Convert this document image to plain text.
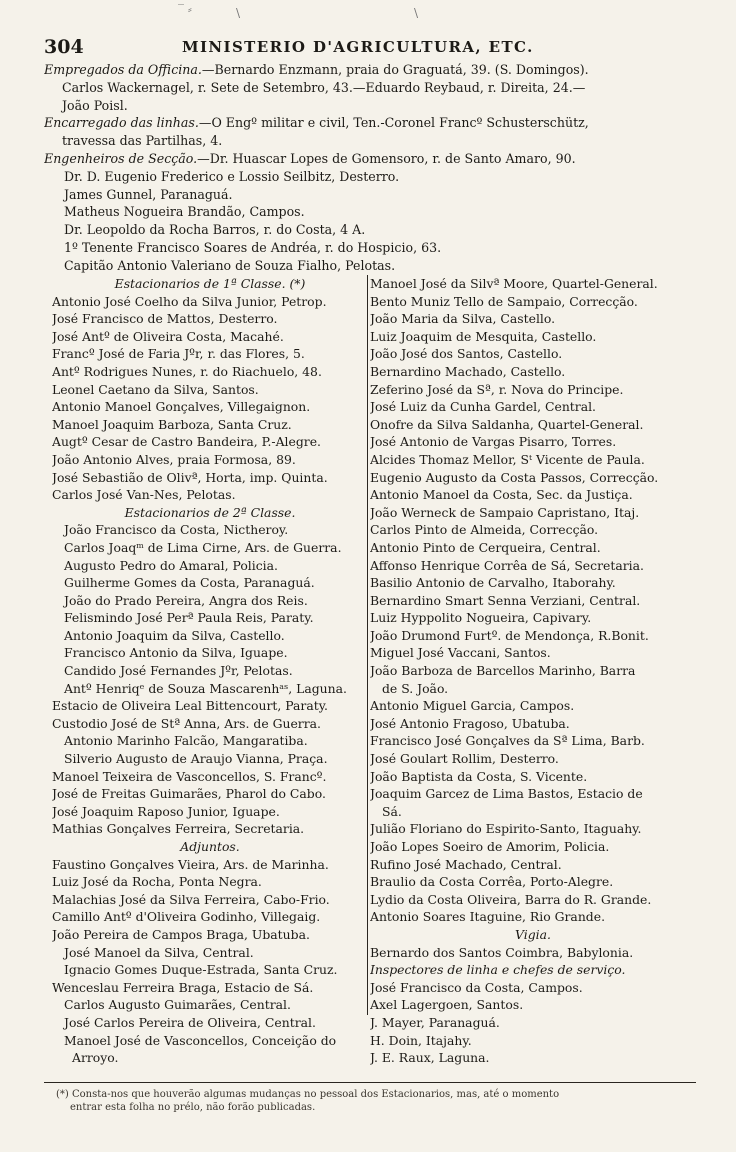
‾ ⸗	\	\
304	MINISTERIO D'AGRICULTURA, ETC.
Empregados da Officina.—Bernardo Enzmann, praia do Graguatá, 39. (S. Domingos).
Carlos Wackernagel, r. Sete de Setembro, 43.—Eduardo Reybaud, r. Direita, 24.—
João Poisl.
Encarregado das linhas.—O Engº militar e civil, Ten.-Coronel Francº Schusterschütz,
travessa das Partilhas, 4.
Engenheiros de Secção.—Dr. Huascar Lopes de Gomensoro, r. de Santo Amaro, 90.
Dr. D. Eugenio Frederico e Lossio Seilbitz, Desterro.
James Gunnel, Paranaguá.
Matheus Nogueira Brandão, Campos.
Dr. Leopoldo da Rocha Barros, r. do Costa, 4 A.
1º Tenente Francisco Soares de Andréa, r. do Hospicio, 63.
Capitão Antonio Valeriano de Souza Fialho, Pelotas.
Estacionarios de 1ª Classe. (*)
Antonio José Coelho da Silva Junior, Petrop.
José Francisco de Mattos, Desterro.
José Antº de Oliveira Costa, Macahé.
Francº José de Faria Jºr, r. das Flores, 5.
Antº Rodrigues Nunes, r. do Riachuelo, 48.
Leonel Caetano da Silva, Santos.
Antonio Manoel Gonçalves, Villegaignon.
Manoel Joaquim Barboza, Santa Cruz.
Augtº Cesar de Castro Bandeira, P.-Alegre.
João Antonio Alves, praia Formosa, 89.
José Sebastião de Olivª, Horta, imp. Quinta.
Carlos José Van-Nes, Pelotas.
Estacionarios de 2ª Classe.
João Francisco da Costa, Nictheroy.
Carlos Joaqᵐ de Lima Cirne, Ars. de Guerra.
Augusto Pedro do Amaral, Policia.
Guilherme Gomes da Costa, Paranaguá.
João do Prado Pereira, Angra dos Reis.
Felismindo José Perª Paula Reis, Paraty.
Antonio Joaquim da Silva, Castello.
Francisco Antonio da Silva, Iguape.
Candido José Fernandes Jºr, Pelotas.
Antº Henriqᵉ de Souza Mascarenhᵃˢ, Laguna.
Estacio de Oliveira Leal Bittencourt, Paraty.
Custodio José de Stª Anna, Ars. de Guerra.
Antonio Marinho Falcão, Mangaratiba.
Silverio Augusto de Araujo Vianna, Praça.
Manoel Teixeira de Vasconcellos, S. Francº.
José de Freitas Guimarães, Pharol do Cabo.
José Joaquim Raposo Junior, Iguape.
Mathias Gonçalves Ferreira, Secretaria.
Adjuntos.
Faustino Gonçalves Vieira, Ars. de Marinha.
Luiz José da Rocha, Ponta Negra.
Malachias José da Silva Ferreira, Cabo-Frio.
Camillo Antº d'Oliveira Godinho, Villegaig.
João Pereira de Campos Braga, Ubatuba.
José Manoel da Silva, Central.
Ignacio Gomes Duque-Estrada, Santa Cruz.
Wenceslau Ferreira Braga, Estacio de Sá.
Carlos Augusto Guimarães, Central.
José Carlos Pereira de Oliveira, Central.
Manoel José de Vasconcellos, Conceição do
Arroyo.
Manoel José da Silvª Moore, Quartel-General.
Bento Muniz Tello de Sampaio, Correcção.
João Maria da Silva, Castello.
Luiz Joaquim de Mesquita, Castello.
João José dos Santos, Castello.
Bernardino Machado, Castello.
Zeferino José da Sª, r. Nova do Principe.
José Luiz da Cunha Gardel, Central.
Onofre da Silva Saldanha, Quartel-General.
José Antonio de Vargas Pisarro, Torres.
Alcides Thomaz Mellor, Sᵗ Vicente de Paula.
Eugenio Augusto da Costa Passos, Correcção.
Antonio Manoel da Costa, Sec. da Justiça.
João Werneck de Sampaio Capristano, Itaj.
Carlos Pinto de Almeida, Correcção.
Antonio Pinto de Cerqueira, Central.
Affonso Henrique Corrêa de Sá, Secretaria.
Basilio Antonio de Carvalho, Itaborahy.
Bernardino Smart Senna Verziani, Central.
Luiz Hyppolito Nogueira, Capivary.
João Drumond Furtº. de Mendonça, R.Bonit.
Miguel José Vaccani, Santos.
João Barboza de Barcellos Marinho, Barra
de S. João.
Antonio Miguel Garcia, Campos.
José Antonio Fragoso, Ubatuba.
Francisco José Gonçalves da Sª Lima, Barb.
José Goulart Rollim, Desterro.
João Baptista da Costa, S. Vicente.
Joaquim Garcez de Lima Bastos, Estacio de
Sá.
Julião Floriano do Espirito-Santo, Itaguahy.
João Lopes Soeiro de Amorim, Policia.
Rufino José Machado, Central.
Braulio da Costa Corrêa, Porto-Alegre.
Lydio da Costa Oliveira, Barra do R. Grande.
Antonio Soares Itaguine, Rio Grande.
Vigia.
Bernardo dos Santos Coimbra, Babylonia.
Inspectores de linha e chefes de serviço.
José Francisco da Costa, Campos.
Axel Lagergoen, Santos.
J. Mayer, Paranaguá.
H. Doin, Itajahy.
J. E. Raux, Laguna.
(*) Consta-nos que houverão algumas mudanças no pessoal dos Estacionarios, mas, até o momento
entrar esta folha no prélo, não forão publicadas.
